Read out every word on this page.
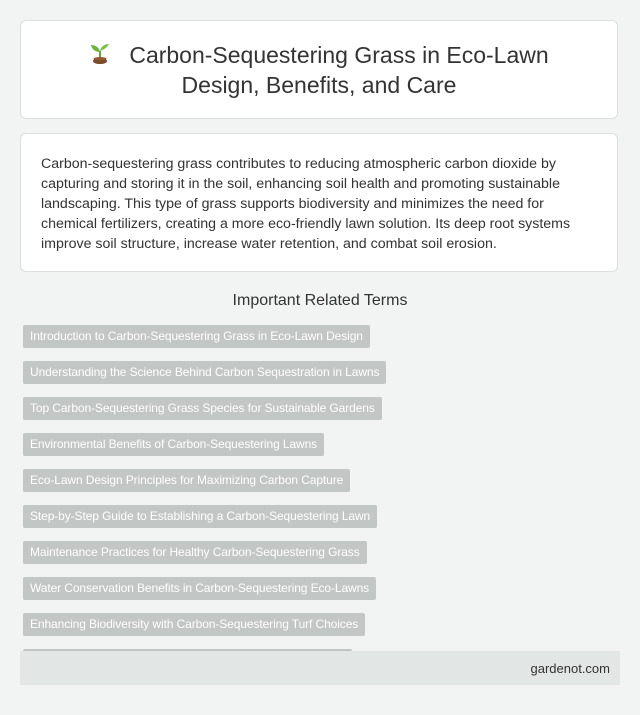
Carbon-Sequestering Grass in Eco-Lawn Design, Benefits, and Care

Carbon-sequestering grass contributes to reducing atmospheric carbon dioxide by capturing and storing it in the soil, enhancing soil health and promoting sustainable landscaping. This type of grass supports biodiversity and minimizes the need for chemical fertilizers, creating a more eco-friendly lawn solution. Its deep root systems improve soil structure, increase water retention, and combat soil erosion.

Important Related Terms
Introduction to Carbon-Sequestering Grass in Eco-Lawn Design
Understanding the Science Behind Carbon Sequestration in Lawns
Top Carbon-Sequestering Grass Species for Sustainable Gardens
Environmental Benefits of Carbon-Sequestering Lawns
Eco-Lawn Design Principles for Maximizing Carbon Capture
Step-by-Step Guide to Establishing a Carbon-Sequestering Lawn
Maintenance Practices for Healthy Carbon-Sequestering Grass
Water Conservation Benefits in Carbon-Sequestering Eco-Lawns
Enhancing Biodiversity with Carbon-Sequestering Turf Choices
gardenot.com
